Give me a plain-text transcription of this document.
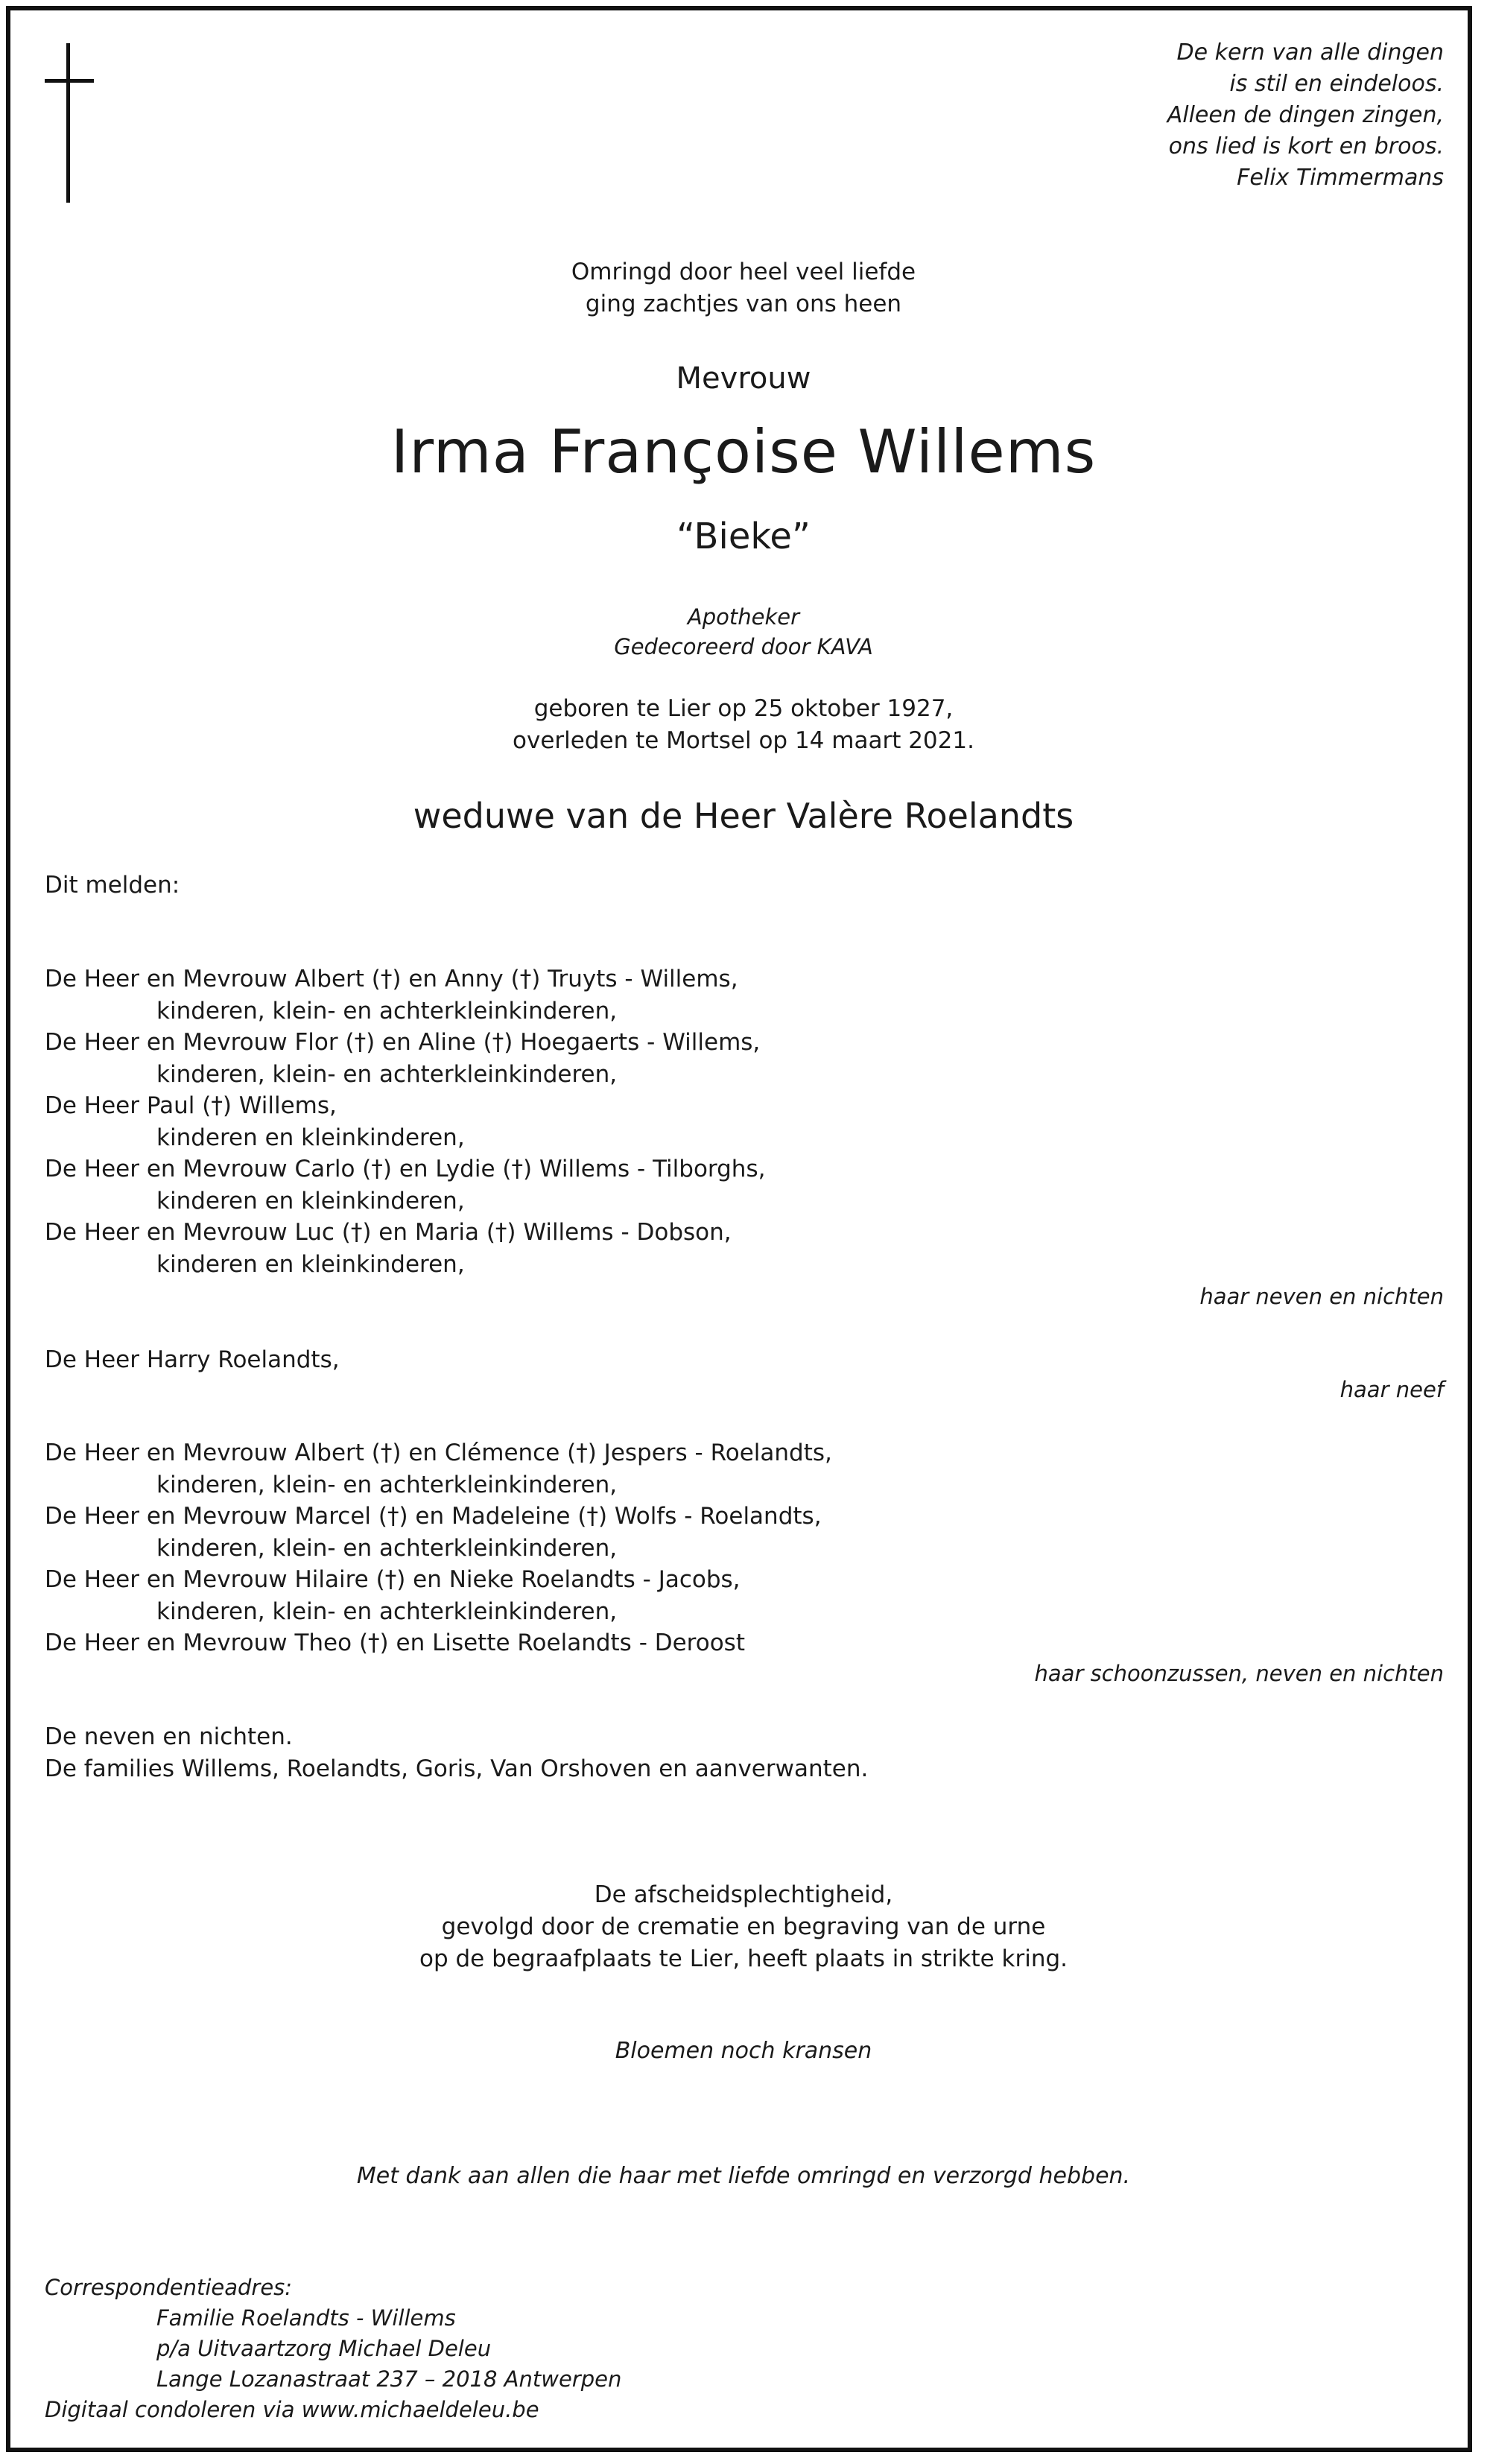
De kern van alle dingen
is stil en eindeloos.
Alleen de dingen zingen,
ons lied is kort en broos.
Felix Timmermans
Omringd door heel veel liefde
ging zachtjes van ons heen
Mevrouw
Irma Françoise Willems
“Bieke”
Apotheker
Gedecoreerd door KAVA
geboren te Lier op 25 oktober 1927,
overleden te Mortsel op 14 maart 2021.
weduwe van de Heer Valère Roelandts
Dit melden:
De Heer en Mevrouw Albert (†) en Anny (†) Truyts - Willems,
kinderen, klein- en achterkleinkinderen,
De Heer en Mevrouw Flor (†) en Aline (†) Hoegaerts - Willems,
kinderen, klein- en achterkleinkinderen,
De Heer Paul (†) Willems,
kinderen en kleinkinderen,
De Heer en Mevrouw Carlo (†) en Lydie (†) Willems - Tilborghs,
kinderen en kleinkinderen,
De Heer en Mevrouw Luc (†) en Maria (†) Willems - Dobson,
kinderen en kleinkinderen,
haar neven en nichten
De Heer Harry Roelandts,
haar neef
De Heer en Mevrouw Albert (†) en Clémence (†) Jespers - Roelandts,
kinderen, klein- en achterkleinkinderen,
De Heer en Mevrouw Marcel (†) en Madeleine (†) Wolfs - Roelandts,
kinderen, klein- en achterkleinkinderen,
De Heer en Mevrouw Hilaire (†) en Nieke Roelandts - Jacobs,
kinderen, klein- en achterkleinkinderen,
De Heer en Mevrouw Theo (†) en Lisette Roelandts - Deroost
haar schoonzussen, neven en nichten
De neven en nichten.
De families Willems, Roelandts, Goris, Van Orshoven en aanverwanten.
De afscheidsplechtigheid,
gevolgd door de crematie en begraving van de urne
op de begraafplaats te Lier, heeft plaats in strikte kring.
Bloemen noch kransen
Met dank aan allen die haar met liefde omringd en verzorgd hebben.
Correspondentieadres:
Familie Roelandts - Willems
p/a Uitvaartzorg Michael Deleu
Lange Lozanastraat 237 – 2018 Antwerpen
Digitaal condoleren via www.michaeldeleu.be
